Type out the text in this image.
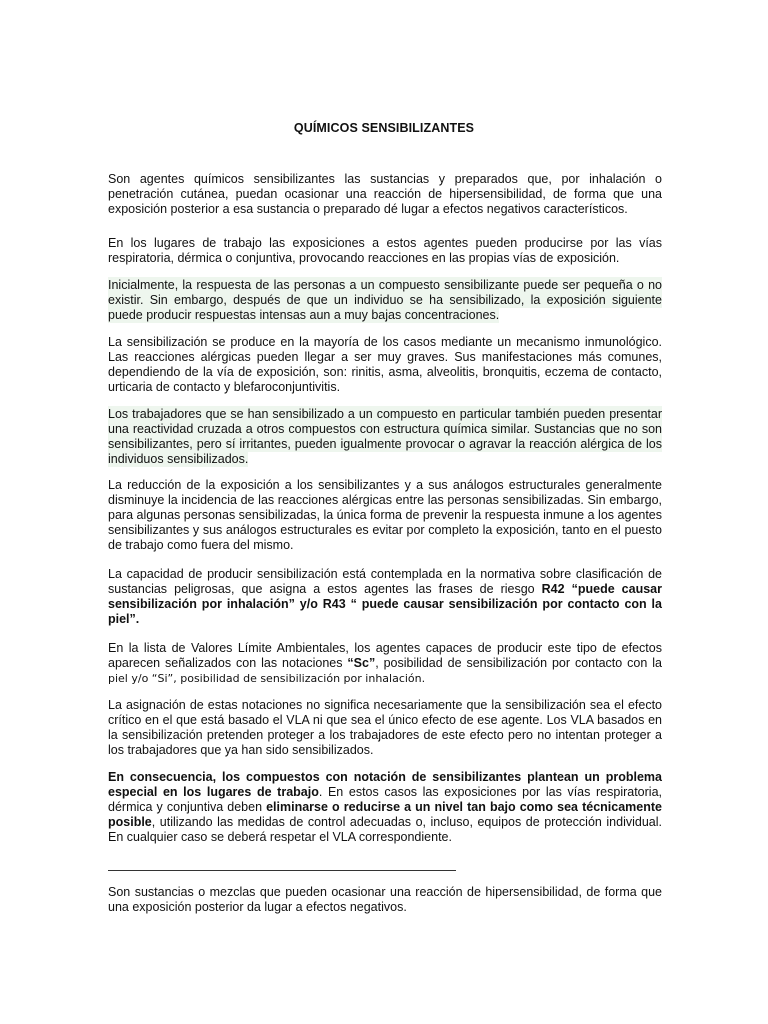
QUÍMICOS SENSIBILIZANTES

Son agentes químicos sensibilizantes las sustancias y preparados que, por inhalación o penetración cutánea, puedan ocasionar una reacción de hipersensibilidad, de forma que una exposición posterior a esa sustancia o preparado dé lugar a efectos negativos característicos.

En los lugares de trabajo las exposiciones a estos agentes pueden producirse por las vías respiratoria, dérmica o conjuntiva, provocando reacciones en las propias vías de exposición.

Inicialmente, la respuesta de las personas a un compuesto sensibilizante puede ser pequeña o no existir. Sin embargo, después de que un individuo se ha sensibilizado, la exposición siguiente puede producir respuestas intensas aun a muy bajas concentraciones.

La sensibilización se produce en la mayoría de los casos mediante un mecanismo inmunológico. Las reacciones alérgicas pueden llegar a ser muy graves. Sus manifestaciones más comunes, dependiendo de la vía de exposición, son: rinitis, asma, alveolitis, bronquitis, eczema de contacto, urticaria de contacto y blefaroconjuntivitis.

Los trabajadores que se han sensibilizado a un compuesto en particular también pueden presentar una reactividad cruzada a otros compuestos con estructura química similar. Sustancias que no son sensibilizantes, pero sí irritantes, pueden igualmente provocar o agravar la reacción alérgica de los individuos sensibilizados.

La reducción de la exposición a los sensibilizantes y a sus análogos estructurales generalmente disminuye la incidencia de las reacciones alérgicas entre las personas sensibilizadas. Sin embargo, para algunas personas sensibilizadas, la única forma de prevenir la respuesta inmune a los agentes sensibilizantes y sus análogos estructurales es evitar por completo la exposición, tanto en el puesto de trabajo como fuera del mismo.

La capacidad de producir sensibilización está contemplada en la normativa sobre clasificación de sustancias peligrosas, que asigna a estos agentes las frases de riesgo R42 “puede causar sensibilización por inhalación” y/o R43 “ puede causar sensibilización por contacto con la piel”.

En la lista de Valores Límite Ambientales, los agentes capaces de producir este tipo de efectos aparecen señalizados con las notaciones “Sc”, posibilidad de sensibilización por contacto con la piel y/o “Si”, posibilidad de sensibilización por inhalación.

La asignación de estas notaciones no significa necesariamente que la sensibilización sea el efecto crítico en el que está basado el VLA ni que sea el único efecto de ese agente. Los VLA basados en la sensibilización pretenden proteger a los trabajadores de este efecto pero no intentan proteger a los trabajadores que ya han sido sensibilizados.

En consecuencia, los compuestos con notación de sensibilizantes plantean un problema especial en los lugares de trabajo. En estos casos las exposiciones por las vías respiratoria, dérmica y conjuntiva deben eliminarse o reducirse a un nivel tan bajo como sea técnicamente posible, utilizando las medidas de control adecuadas o, incluso, equipos de protección individual. En cualquier caso se deberá respetar el VLA correspondiente.

Son sustancias o mezclas que pueden ocasionar una reacción de hipersensibilidad, de forma que una exposición posterior da lugar a efectos negativos.
